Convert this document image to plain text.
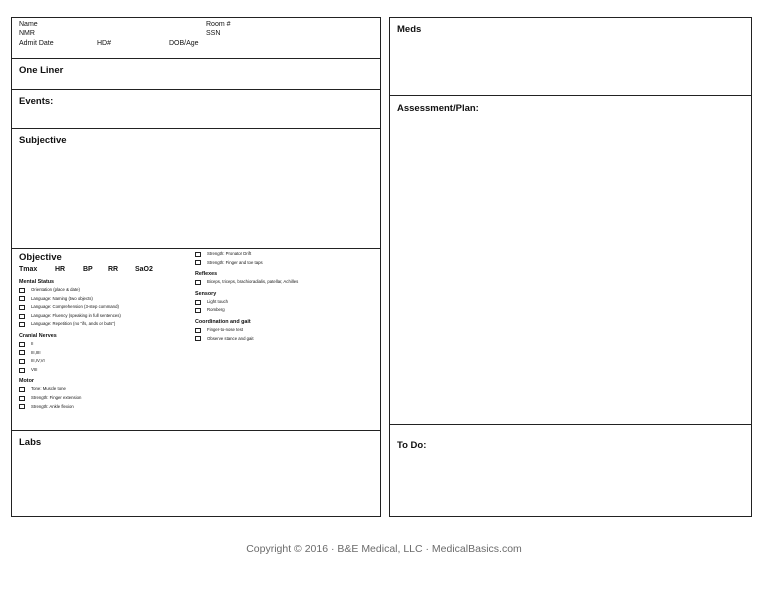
Name	Room #
NMR	SSN
Admit Date	HD#	DOB/Age
One Liner
Events:
Subjective
Objective
Tmax	HR	BP	RR	SaO2
Mental Status
Orientation (place & date)
Language: Naming (two objects)
Language: Comprehension (3-step command)
Language: Fluency (speaking in full sentences)
Language: Repetition (no "ifs, ands or buts")
Cranial Nerves
II
III,IIII
III,IV,VI
VIII
Motor
Tone: Muscle tone
Strength: Finger extension
Strength: Ankle flexion
Strength: Pronator Drift
Strength: Finger and toe taps
Reflexes
Biceps, triceps, brachioradialis, patellar, Achilles
Sensory
Light touch
Romberg
Coordination and gait
Finger-to-nose test
Observe stance and gait
Labs
Meds
Assessment/Plan:
To Do:
Copyright © 2016 · B&E Medical, LLC · MedicalBasics.com
